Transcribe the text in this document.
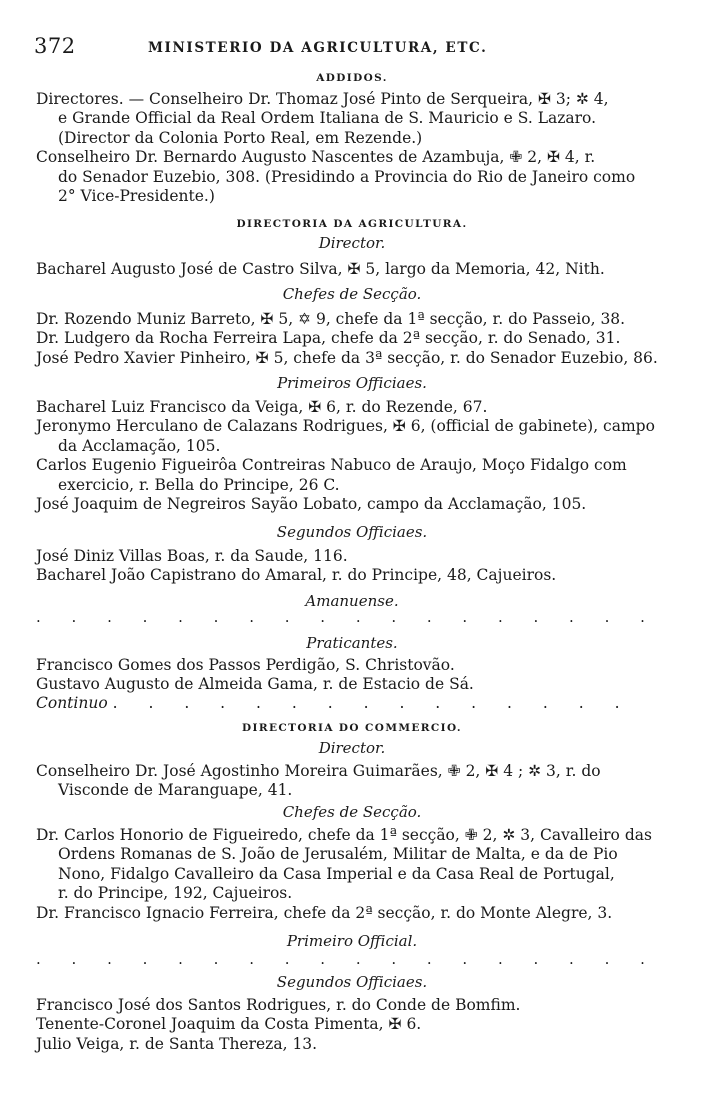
372	MINISTERIO DA AGRICULTURA, ETC.
ADDIDOS.
Directores. — Conselheiro Dr. Thomaz José Pinto de Serqueira, ✠ 3; ✲ 4,
e Grande Official da Real Ordem Italiana de S. Mauricio e S. Lazaro.
(Director da Colonia Porto Real, em Rezende.)
Conselheiro Dr. Bernardo Augusto Nascentes de Azambuja, ✙ 2, ✠ 4, r.
do Senador Euzebio, 308. (Presidindo a Provincia do Rio de Janeiro como
2° Vice-Presidente.)
DIRECTORIA DA AGRICULTURA.
Director.
Bacharel Augusto José de Castro Silva, ✠ 5, largo da Memoria, 42, Nith.
Chefes de Secção.
Dr. Rozendo Muniz Barreto, ✠ 5, ✡ 9, chefe da 1ª secção, r. do Passeio, 38.
Dr. Ludgero da Rocha Ferreira Lapa, chefe da 2ª secção, r. do Senado, 31.
José Pedro Xavier Pinheiro, ✠ 5, chefe da 3ª secção, r. do Senador Euzebio, 86.
Primeiros Officiaes.
Bacharel Luiz Francisco da Veiga, ✠ 6, r. do Rezende, 67.
Jeronymo Herculano de Calazans Rodrigues, ✠ 6, (official de gabinete), campo
da Acclamação, 105.
Carlos Eugenio Figueirôa Contreiras Nabuco de Araujo, Moço Fidalgo com
exercicio, r. Bella do Principe, 26 C.
José Joaquim de Negreiros Sayão Lobato, campo da Acclamação, 105.
Segundos Officiaes.
José Diniz Villas Boas, r. da Saude, 116.
Bacharel João Capistrano do Amaral, r. do Principe, 48, Cajueiros.
Amanuense.
. . . . . . . . . . . . . . . . . .
Praticantes.
Francisco Gomes dos Passos Perdigão, S. Christovão.
Gustavo Augusto de Almeida Gama, r. de Estacio de Sá.
Continuo . . . . . . . . . . . . . . .
DIRECTORIA DO COMMERCIO.
Director.
Conselheiro Dr. José Agostinho Moreira Guimarães, ✙ 2, ✠ 4 ; ✲ 3, r. do
Visconde de Maranguape, 41.
Chefes de Secção.
Dr. Carlos Honorio de Figueiredo, chefe da 1ª secção, ✙ 2, ✲ 3, Cavalleiro das
Ordens Romanas de S. João de Jerusalém, Militar de Malta, e da de Pio
Nono, Fidalgo Cavalleiro da Casa Imperial e da Casa Real de Portugal,
r. do Principe, 192, Cajueiros.
Dr. Francisco Ignacio Ferreira, chefe da 2ª secção, r. do Monte Alegre, 3.
Primeiro Official.
. . . . . . . . . . . . . . . . . .
Segundos Officiaes.
Francisco José dos Santos Rodrigues, r. do Conde de Bomfim.
Tenente-Coronel Joaquim da Costa Pimenta, ✠ 6.
Julio Veiga, r. de Santa Thereza, 13.
